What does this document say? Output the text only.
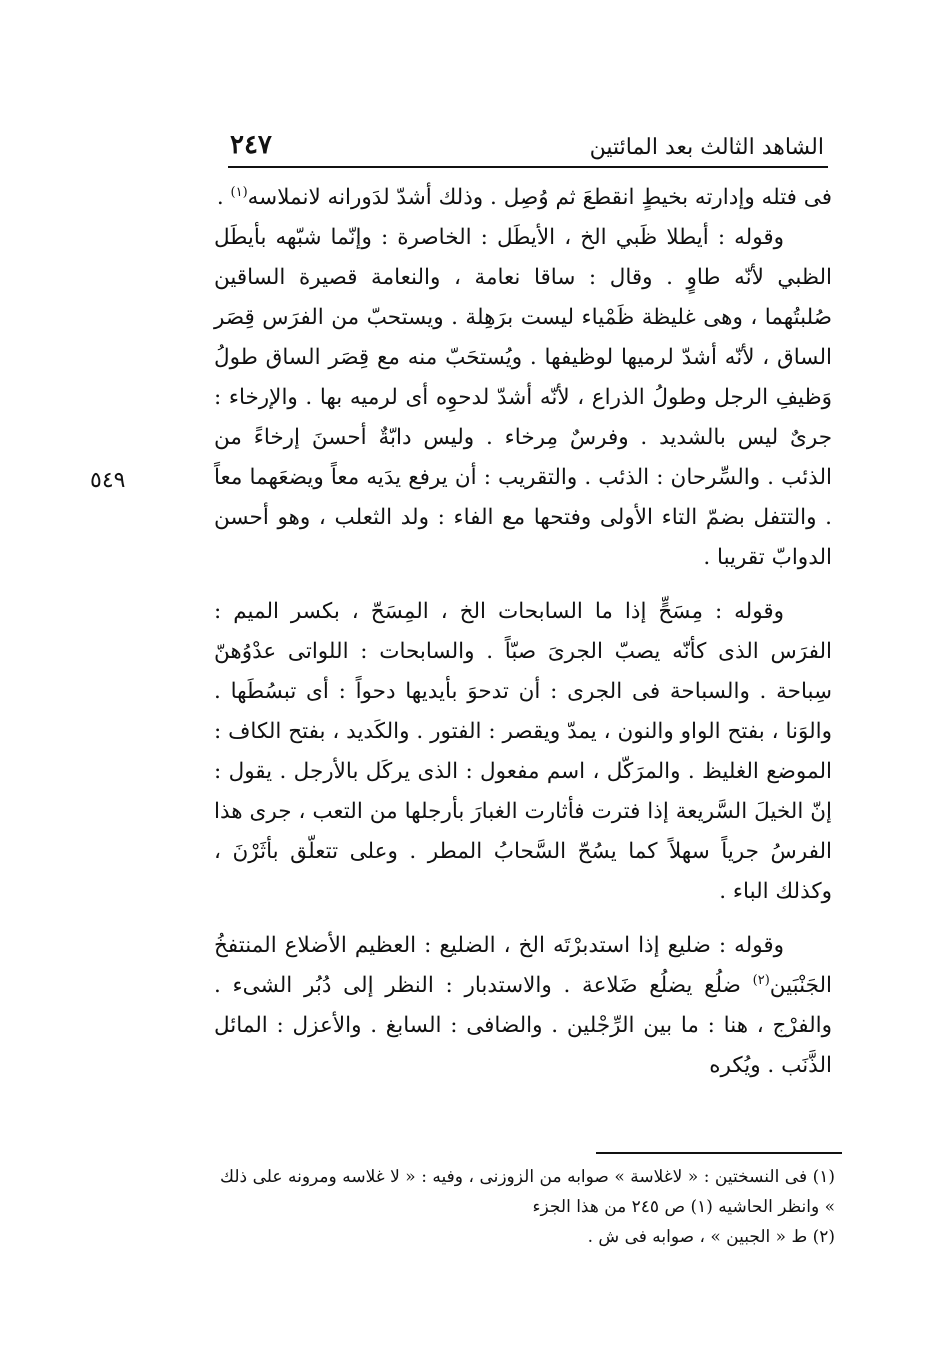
٢٤٧	الشاهد الثالث بعد المائتين
٥٤٩

فى فتله وإدارته بخيطٍ انقطعَ ثم وُصِل . وذلك أشدّ لدَورانه لانملاسه$^{(١)}$ .

وقوله : أيطلا ظَبي الخ ، الأيطَل : الخاصرة : وإنّما شبّهه بأيطَل الظبي لأنّه طاوٍ . وقال : ساقا نعامة ، والنعامة قصيرة الساقين صُلبتُهما ، وهى غليظة ظَمْياء ليست برَهِلة . ويستحبّ من الفرَس قِصَر الساق ، لأنّه أشدّ لرميها لوظيفها . ويُستحَبّ منه مع قِصَر الساق طولُ وَظيفِ الرجل وطولُ الذراع ، لأنّه أشدّ لدحوِه أى لرميه بها . والإرخاء : جرىٌ ليس بالشديد . وفرسٌ مِرخاء . وليس دابّةٌ أحسنَ إرخاءً من الذئب . والسِّرحان : الذئب . والتقريب : أن يرفع يدَيه معاً ويضعَهما معاً . والتتفل بضمّ التاء الأولى وفتحها مع الفاء : ولد الثعلب ، وهو أحسن الدوابّ تقريبا .

وقوله : مِسَحٍّ إذا ما السابحات الخ ، المِسَحّ ، بكسر الميم : الفرَس الذى كأنّه يصبّ الجرىَ صبّاً . والسابحات : اللواتى عدْوُهنّ سِباحة . والسباحة فى الجرى : أن تدحوَ بأيديها دحواً : أى تبسُطَها . والوَنا ، بفتح الواو والنون ، يمدّ ويقصر : الفتور . والكَديد ، بفتح الكاف : الموضع الغليظ . والمرَكّل ، اسم مفعول : الذى يركَل بالأرجل . يقول : إنّ الخيلَ السَّريعة إذا فترت فأثارت الغبارَ بأرجلها من التعب ، جرى هذا الفرسُ جرياً سهلاً كما يسُحّ السَّحابُ المطر . وعلى تتعلّق بأثَرْنَ ، وكذلك الباء .

وقوله : ضليع إذا استدبرْتَه الخ ، الضليع : العظيم الأضلاع المنتفخُ الجَنْبَين$^{(٢)}$ ضلُع يضلُع ضَلاعة . والاستدبار : النظر إلى دُبُر الشىء . والفرْج ، هنا : ما بين الرِّجْلين . والضافى : السابغ . والأعزل : المائل الذَّنَب . ويُكره

(١) فى النسختين : « لاغلاسة » صوابه من الزوزنى ، وفيه : « لا غلاسه ومرونه على ذلك » وانظر الحاشيه (١) ص ٢٤٥ من هذا الجزء

(٢) ط « الجبين » ، صوابه فى ش .
